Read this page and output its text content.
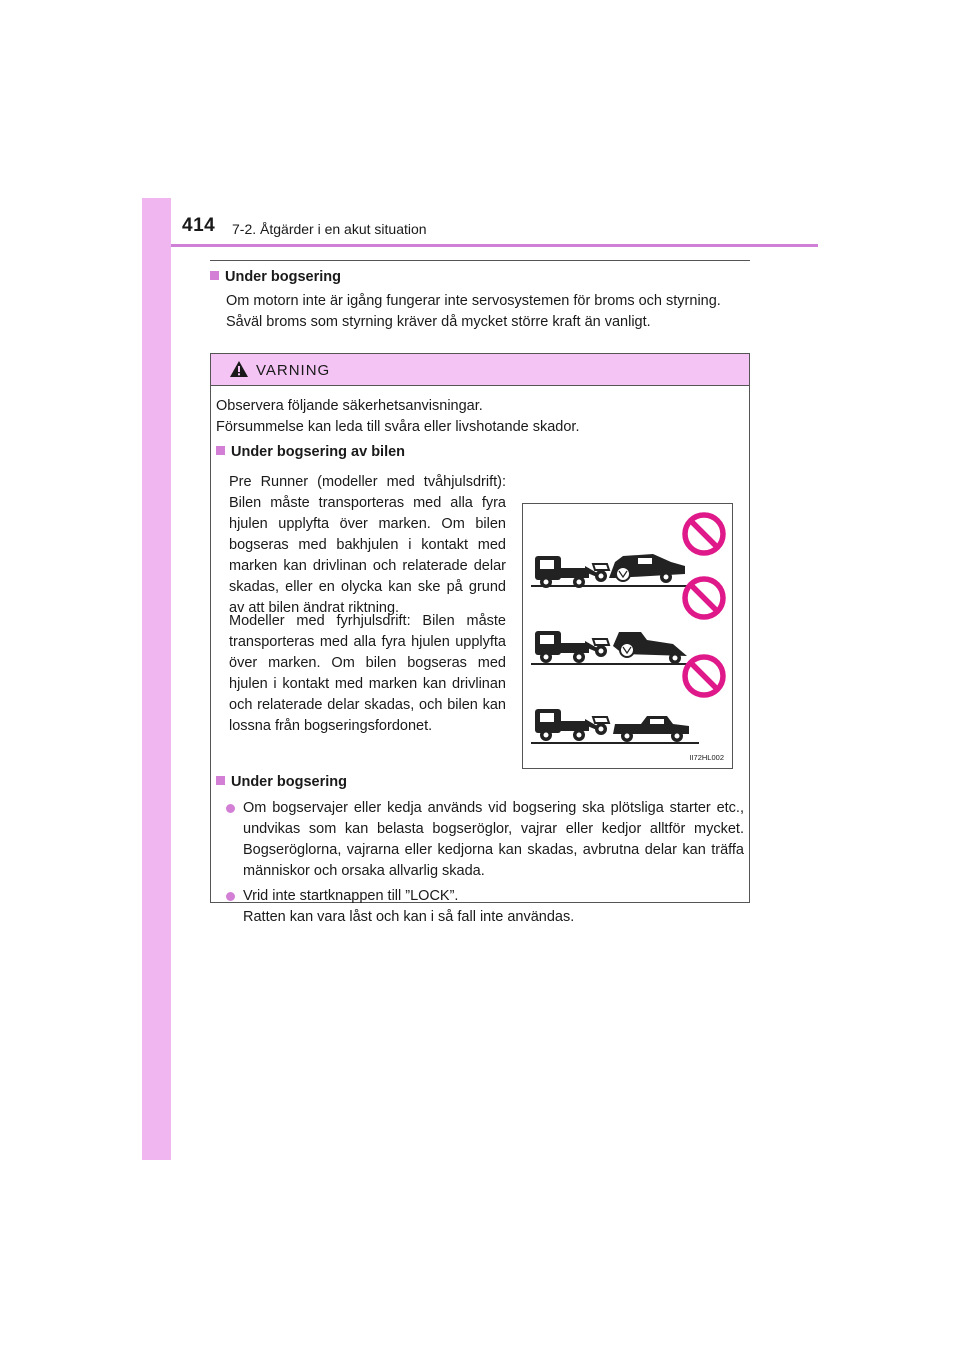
414 7-2. Åtgärder i en akut situation
Under bogsering
Om motorn inte är igång fungerar inte servosystemen för broms och styrning. Såväl broms som styrning kräver då mycket större kraft än vanligt.
VARNING
Observera följande säkerhetsanvisningar.
Försummelse kan leda till svåra eller livshotande skador.
Under bogsering av bilen
Pre Runner (modeller med tvåhjulsdrift): Bilen måste transporteras med alla fyra hjulen upplyfta över marken. Om bilen bogseras med bakhjulen i kontakt med marken kan drivlinan och relaterade delar skadas, eller en olycka kan ske på grund av att bilen ändrat riktning.
Modeller med fyrhjulsdrift: Bilen måste transporteras med alla fyra hjulen upplyfta över marken. Om bilen bogseras med hjulen i kontakt med marken kan drivlinan och relaterade delar skadas, och bilen kan lossna från bogseringsfordonet.
II72HL002
Under bogsering
Om bogservajer eller kedja används vid bogsering ska plötsliga starter etc., undvikas som kan belasta bogseröglor, vajrar eller kedjor alltför mycket. Bogseröglorna, vajrarna eller kedjorna kan skadas, avbrutna delar kan träffa människor och orsaka allvarlig skada.
Vrid inte startknappen till ”LOCK”.
Ratten kan vara låst och kan i så fall inte användas.
